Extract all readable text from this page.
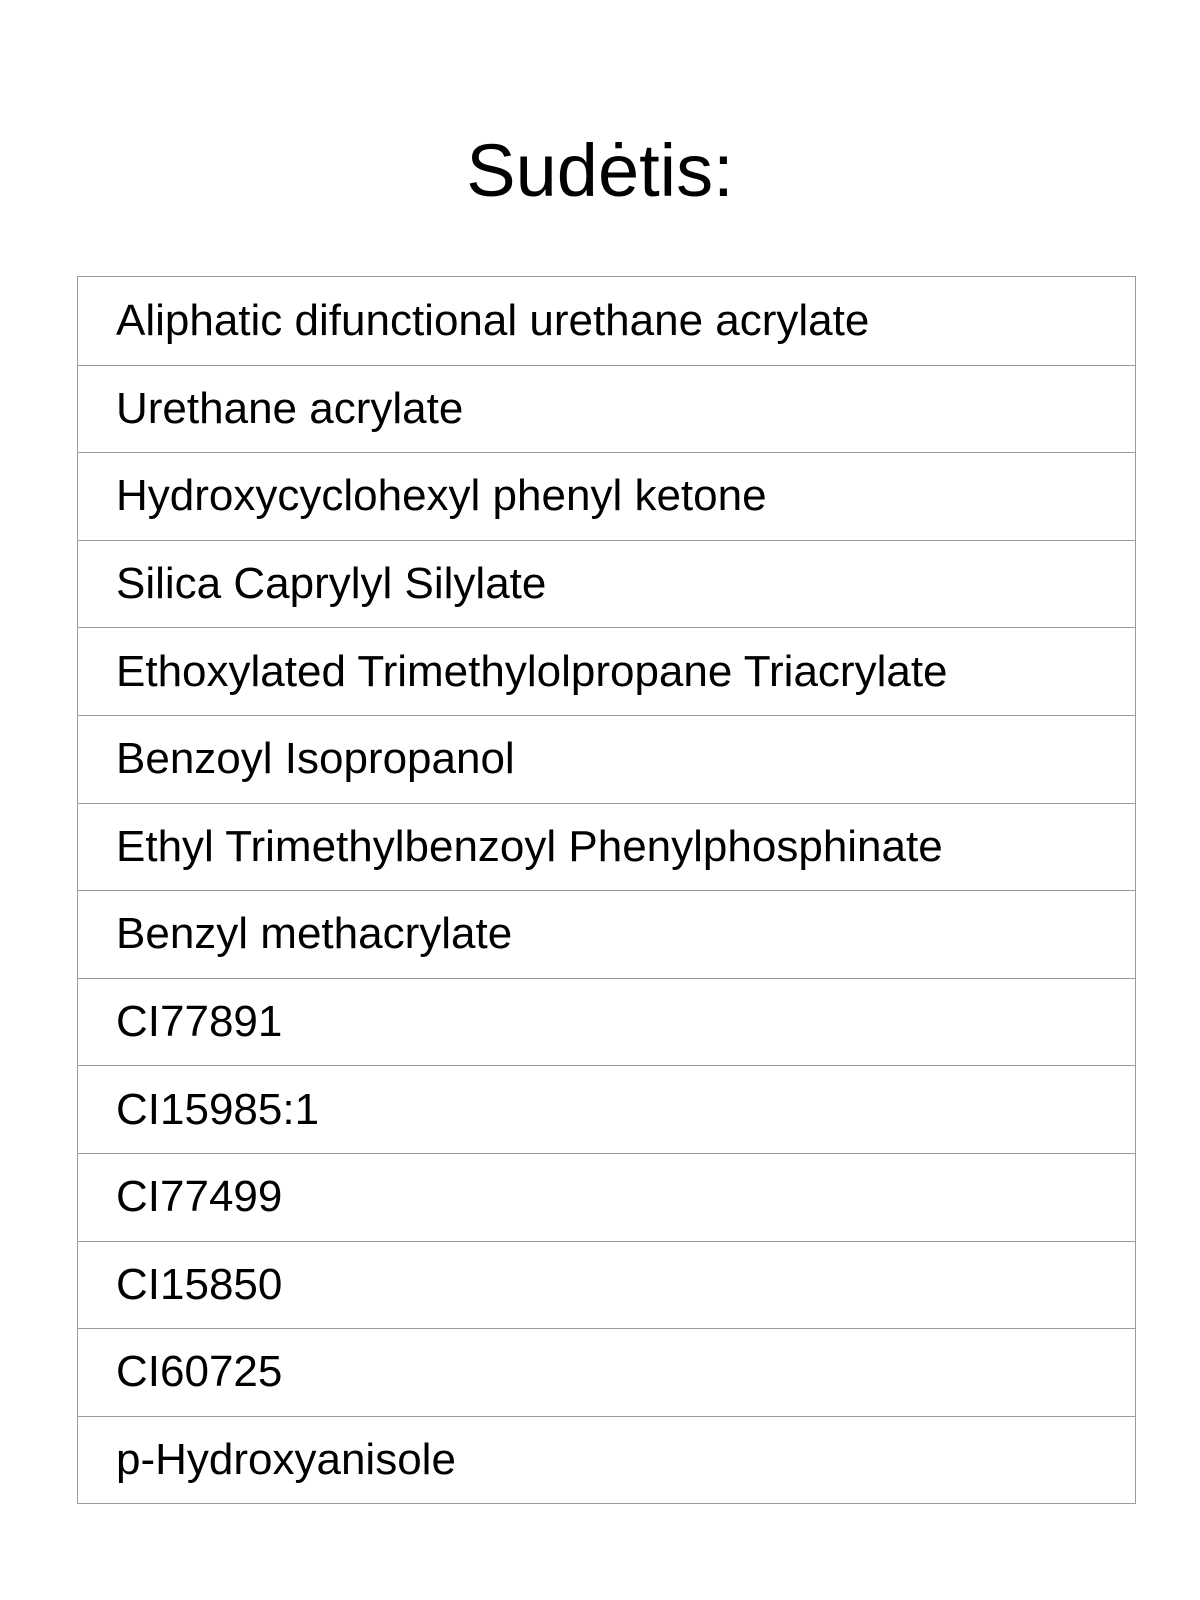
Sudėtis:
Aliphatic difunctional urethane acrylate
Urethane acrylate
Hydroxycyclohexyl phenyl ketone
Silica Caprylyl Silylate
Ethoxylated Trimethylolpropane Triacrylate
Benzoyl Isopropanol
Ethyl Trimethylbenzoyl Phenylphosphinate
Benzyl methacrylate
CI77891
CI15985:1
CI77499
CI15850
CI60725
p-Hydroxyanisole
